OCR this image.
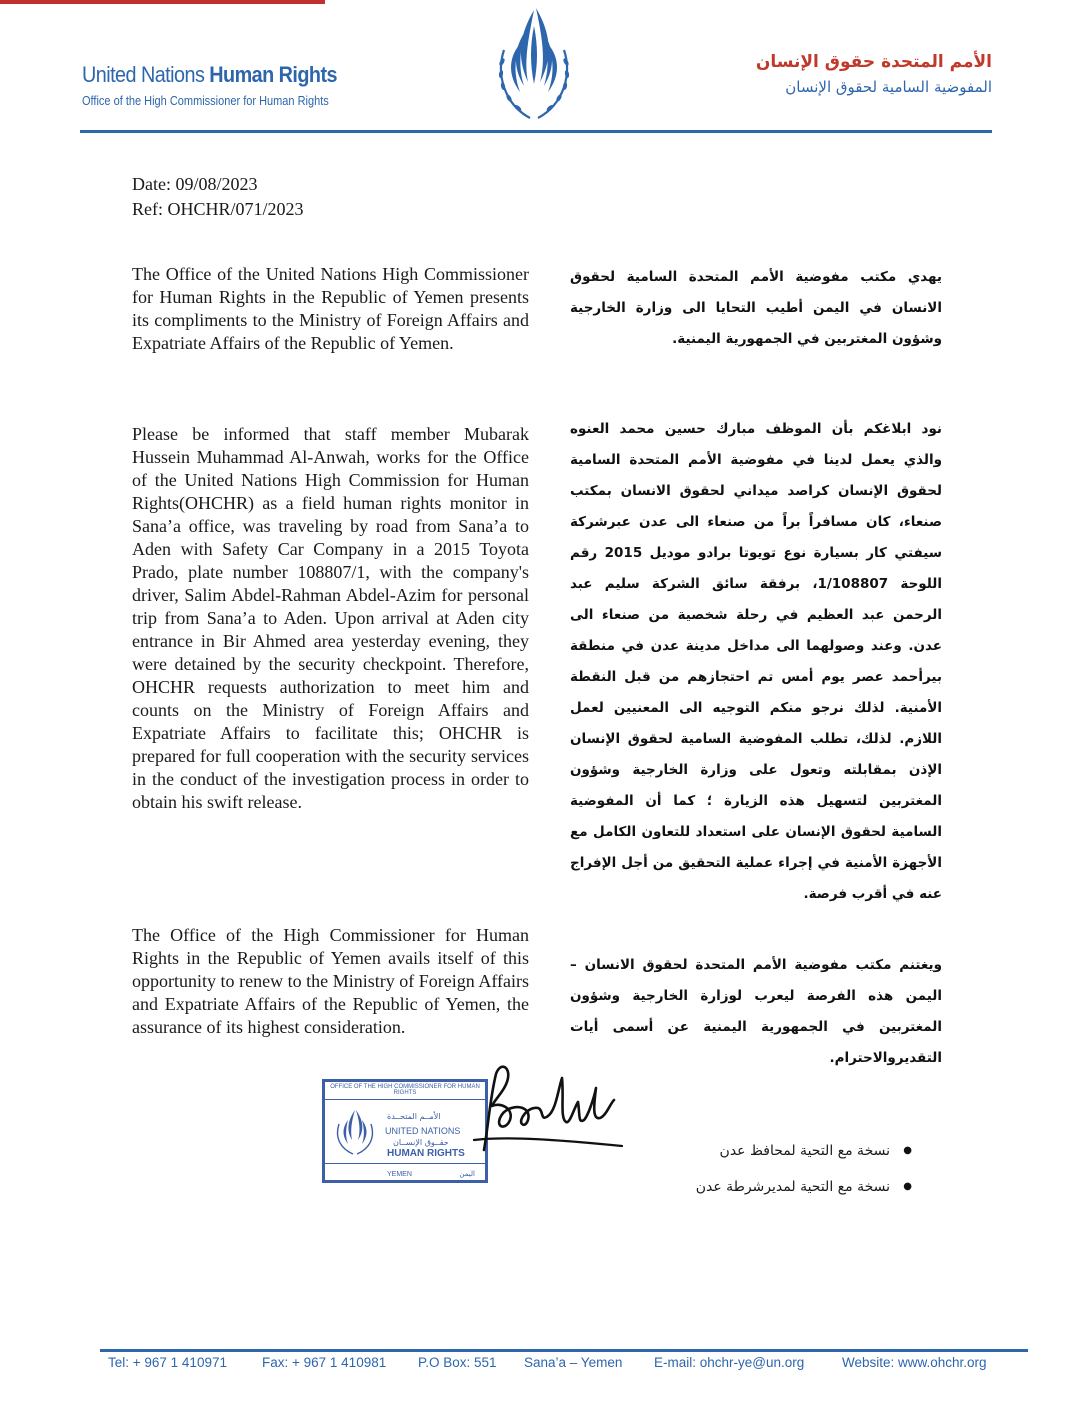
United Nations Human Rights
Office of the High Commissioner for Human Rights
الأمم المتحدة حقوق الإنسان
المفوضية السامية لحقوق الإنسان
Date: 09/08/2023
Ref: OHCHR/071/2023
The Office of the United Nations High Commissioner for Human Rights in the Republic of Yemen presents its compliments to the Ministry of Foreign Affairs and Expatriate Affairs of the Republic of Yemen.
Please be informed that staff member Mubarak Hussein Muhammad Al-Anwah, works for the Office of the United Nations High Commission for Human Rights(OHCHR) as a field human rights monitor in Sana’a office, was traveling by road from Sana’a to Aden with Safety Car Company in a 2015 Toyota Prado, plate number 108807/1, with the company's driver, Salim Abdel-Rahman Abdel-Azim for personal trip from Sana’a to Aden. Upon arrival at Aden city entrance in Bir Ahmed area yesterday evening, they were detained by the security checkpoint. Therefore, OHCHR requests authorization to meet him and counts on the Ministry of Foreign Affairs and Expatriate Affairs to facilitate this; OHCHR is prepared for full cooperation with the security services in the conduct of the investigation process in order to obtain his swift release.
The Office of the High Commissioner for Human Rights in the Republic of Yemen avails itself of this opportunity to renew to the Ministry of Foreign Affairs and Expatriate Affairs of the Republic of Yemen, the assurance of its highest consideration.
يهدي مكتب مفوضية الأمم المتحدة السامية لحقوق الانسان في اليمن أطيب التحايا الى وزارة الخارجية وشؤون المغتربين في الجمهورية اليمنية.
نود ابلاغكم بأن الموظف مبارك حسين محمد العنوه والذي يعمل لدينا في مفوضية الأمم المتحدة السامية لحقوق الإنسان كراصد ميداني لحقوق الانسان بمكتب صنعاء، كان مسافراً براً من صنعاء الى عدن عبرشركة سيفتي كار بسيارة نوع تويوتا برادو موديل 2015 رقم اللوحة 1/108807، برفقة سائق الشركة سليم عبد الرحمن عبد العظيم في رحلة شخصية من صنعاء الى عدن. وعند وصولهما الى مداخل مدينة عدن في منطقة بيرأحمد عصر يوم أمس تم احتجازهم من قبل النقطة الأمنية. لذلك نرجو منكم التوجيه الى المعنيين لعمل اللازم. لذلك، تطلب المفوضية السامية لحقوق الإنسان الإذن بمقابلته وتعول على وزارة الخارجية وشؤون المغتربين لتسهيل هذه الزيارة ؛ كما أن المفوضية السامية لحقوق الإنسان على استعداد للتعاون الكامل مع الأجهزة الأمنية في إجراء عملية التحقيق من أجل الإفراج عنه في أقرب فرصة.
ويغتنم مكتب مفوضية الأمم المتحدة لحقوق الانسان – اليمن هذه الفرصة ليعرب لوزارة الخارجية وشؤون المغتربين في الجمهورية اليمنية عن أسمى أيات التقديروالاحترام.
OFFICE OF THE HIGH COMMISSIONER FOR HUMAN RIGHTS
الأمــم المتحــدة
UNITED NATIONS
حقــوق الإنســان
HUMAN RIGHTS
YEMEN	اليمن
● نسخة مع التحية لمحافظ عدن
● نسخة مع التحية لمديرشرطة عدن
Tel: + 967 1 410971	Fax: + 967 1 410981 P.O Box: 551 Sana’a – Yemen E-mail: ohchr-ye@un.org	Website: www.ohchr.org
